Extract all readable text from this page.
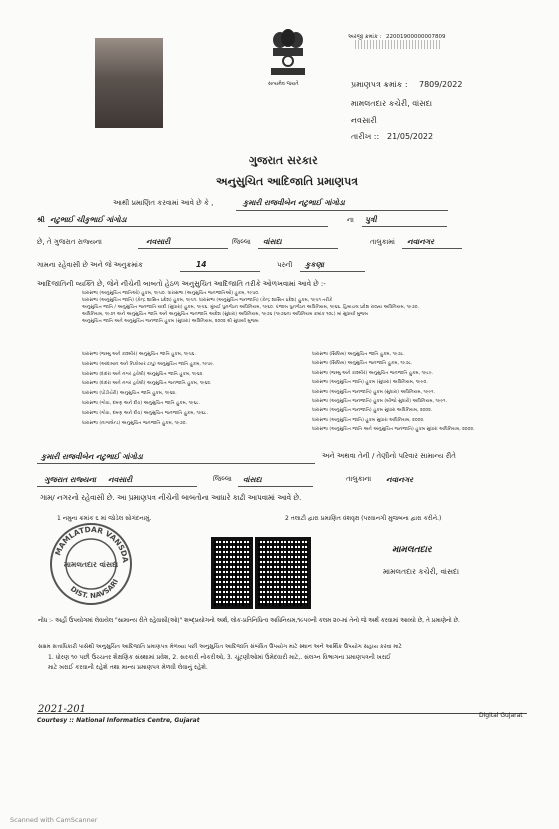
સત્યમેવ જયતે
અરજી ક્રમાંક : 22001900000007809
પ્રમાણપત્ર ક્રમાંક : 7809/2022
મામલતદાર કચેરી, વાંસદા
નવસારી
તારીખ :: 21/05/2022
ગુજરાત સરકાર
અનુસુચિત આદિજાતિ પ્રમાણપત્ર
આથી પ્રમાણિત કરવામાં આવે છે કે ,	કુમારી રાજવીબેન નટુભાઈ ગાંગોડા
શ્રી નટુભાઈ ચીકુભાઈ ગાંગોડા	ના પુત્રી
છે, તે ગુજરાત રાજ્યના	નવસારી	જિલ્લા વાંસદા	તાલુકામાં નવાનગર
ગામના રહેવાસી છે અને જે અનુક્રમાંક	14	પરની કુકણા
આદિજાતિની વ્યક્તિ છે, જેને નીચેની બાબતો હેઠળ અનુસુચિત આદિજાતિ તરીકે ઓળખવામાં આવે છે :-
ધારાસભા (અનુસુચિત જાતિઓ) હુકમ, ૧૯૫૦. ધારાસભા (અનુસુચિત જનજાતિઓ) હુકમ, ૧૯૫૦.
ધારાસભા (અનુસુચિત જાતિ) (કેન્દ્ર શાસિત પ્રદેશ) હુકમ, ૧૯૫૧. ધારાસભા (અનુસુચિત જનજાતિ) (કેન્દ્ર શાસિત પ્રદેશ) હુકમ, ૧૯૫૧ તરીકે
અનુસુચિત જાતિ / અનુસુચિત જનજાતિ યાદી (સુધારા) હુકમ, ૧૯૫૬. મુંબઈ પુનર્ગઠન અધિનિયમ, ૧૯૬૦. પંજાબ પુનર્ગઠન અધિનિયમ, ૧૯૬૬. હિમાચલ પ્રદેશ રાજ્ય અધિનિયમ, ૧૯૭૦.
અધિનિયમ, ૧૯૭૧ અને અનુસુચિત જાતિ અને અનુસુચિત જનજાતિ આદેશ (સુધારા) અધિનિયમ, ૧૯૭૬ (૧૯૭૬ના અધિનિયમ ક્રમાંક ૧૦૮) માં સુધાર્યા મુજબ
અનુસુચિત જાતિ અને અનુસુચિત જનજાતિ હુકમ (સુધારા) અધિનિયમ, ૨૦૦૨ થી સુધાર્યા મુજબ
ધારાસભા (જમ્મુ અને કાશ્મીર) અનુસુચિત જાતિ હુકમ, ૧૯૫૬.
ધારાસભા (આંદામાન અને નિકોબાર ટાપુ) અનુસુચિત જાતિ હુકમ, ૧૯૫૯.
ધારાસભા (દાદરા અને નગર હવેલી) અનુસુચિત જાતિ હુકમ, ૧૯૬૨.
ધારાસભા (દાદરા અને નગર હવેલી) અનુસુચિત જનજાતિ હુકમ, ૧૯૬૨.
ધારાસભા (પોંડીચેરી) અનુસુચિત જાતિ હુકમ, ૧૯૬૪.
ધારાસભા (ગોવા, દમણ અને દીવ) અનુસુચિત જાતિ હુકમ, ૧૯૬૮.
ધારાસભા (ગોવા, દમણ અને દીવ) અનુસુચિત જનજાતિ હુકમ, ૧૯૬૮.
ધારાસભા (નાગાલેન્ડ) અનુસુચિત જનજાતિ હુકમ, ૧૯૭૦.
ધારાસભા (સિક્કિમ) અનુસુચિત જાતિ હુકમ, ૧૯૭૮.
ધારાસભા (સિક્કિમ) અનુસુચિત જનજાતિ હુકમ, ૧૯૭૮.
ધારાસભા (જમ્મુ અને કાશ્મીર) અનુસુચિત જનજાતિ હુકમ, ૧૯૮૯.
ધારાસભા (અનુસુચિત જાતિ) હુકમ (સુધારા) અધિનિયમ, ૧૯૯૦.
ધારાસભા (અનુસુચિત જનજાતિ) હુકમ (સુધારા) અધિનિયમ, ૧૯૯૧.
ધારાસભા (અનુસુચિત જનજાતિ) હુકમ (બીજો સુધારો) અધિનિયમ, ૧૯૯૧.
ધારાસભા (અનુસુચિત જનજાતિ) હુકમ સુધારા અધિનિયમ, ૨૦૦૨.
ધારાસભા (અનુસુચિત જાતિ) હુકમ સુધારા અધિનિયમ, ૨૦૦૨.
ધારાસભા (અનુસુચિત જાતિ અને અનુસુચિત જનજાતિ) હુકમ સુધારા અધિનિયમ, ૨૦૦૨.
કુમારી રાજવીબેન નટુભાઈ ગાંગોડા	અને અથવા તેની / તેણીનો પરિવાર સામાન્ય રીતે
ગુજરાત રાજ્યના નવસારી	જિલ્લા વાંસદા	તાલુકાના નવાનગર
ગામ/ નગરનો રહેવાસી છે. આ પ્રમાણપત્ર નીચેની બાબતોના આધારે કાઢી આપવામાં આવે છે.
1 નમુના ક્રમાંક ૬ માં જોડેલ સોગંદનામું.	2 તલાટી દ્વારા પ્રમાણિત વંશવૃક્ષ (પરવાનગી મુજબના દ્વારા કરીને.)
MAMLATDAR VANSDA
DIST. NAVSARI
મામલતદાર વાંસદા
મામલતદાર
મામલતદાર કચેરી, વાંસદા
નોંધ :- અહીં ઉપયોગમાં લેવાયેલ "સામાન્ય રીતે રહેવાસી(ઓ)" શબ્દ્પ્રયોગનો અર્થ, લોક-પ્રતિનિધિત્વ અધિનિયમ,૧૯૫૦ની કલમ ૨૦-માં તેનો જે અર્થ કરવામાં આવ્યો છે, તે પ્રમાણેનો છે.
સક્ષમ સત્તાધિકારી પાસેથી અનુસુચિત આદિજાતિ પ્રમાણપત્ર મેળવ્યા પછી અનુસુચિત આદિજાતિ સંબંધિત ઉપયોગ માટે સ્થાન અને આર્થિક ઉપયોગ સહાય કરવા માટે
1. ધોરણ ૧૦ પછી ઉચ્ચતર શૈક્ષણિક સંસ્થામાં પ્રવેશ, 2. સરકારી નોકરીઓ, 3. ચૂંટણીઓમાં ઉમેદવારી માટે,. સંલગ્ન વિભાગના પ્રમાણપત્રની ખરાઈ
માટે ખરાઈ કરવાની રહેશે તથા માન્ય પ્રમાણપત્ર મેળવી લેવાનું રહેશે.
2021-201
Courtesy :: National Informatics Centre, Gujarat
Digital Gujarat
Scanned with CamScanner
